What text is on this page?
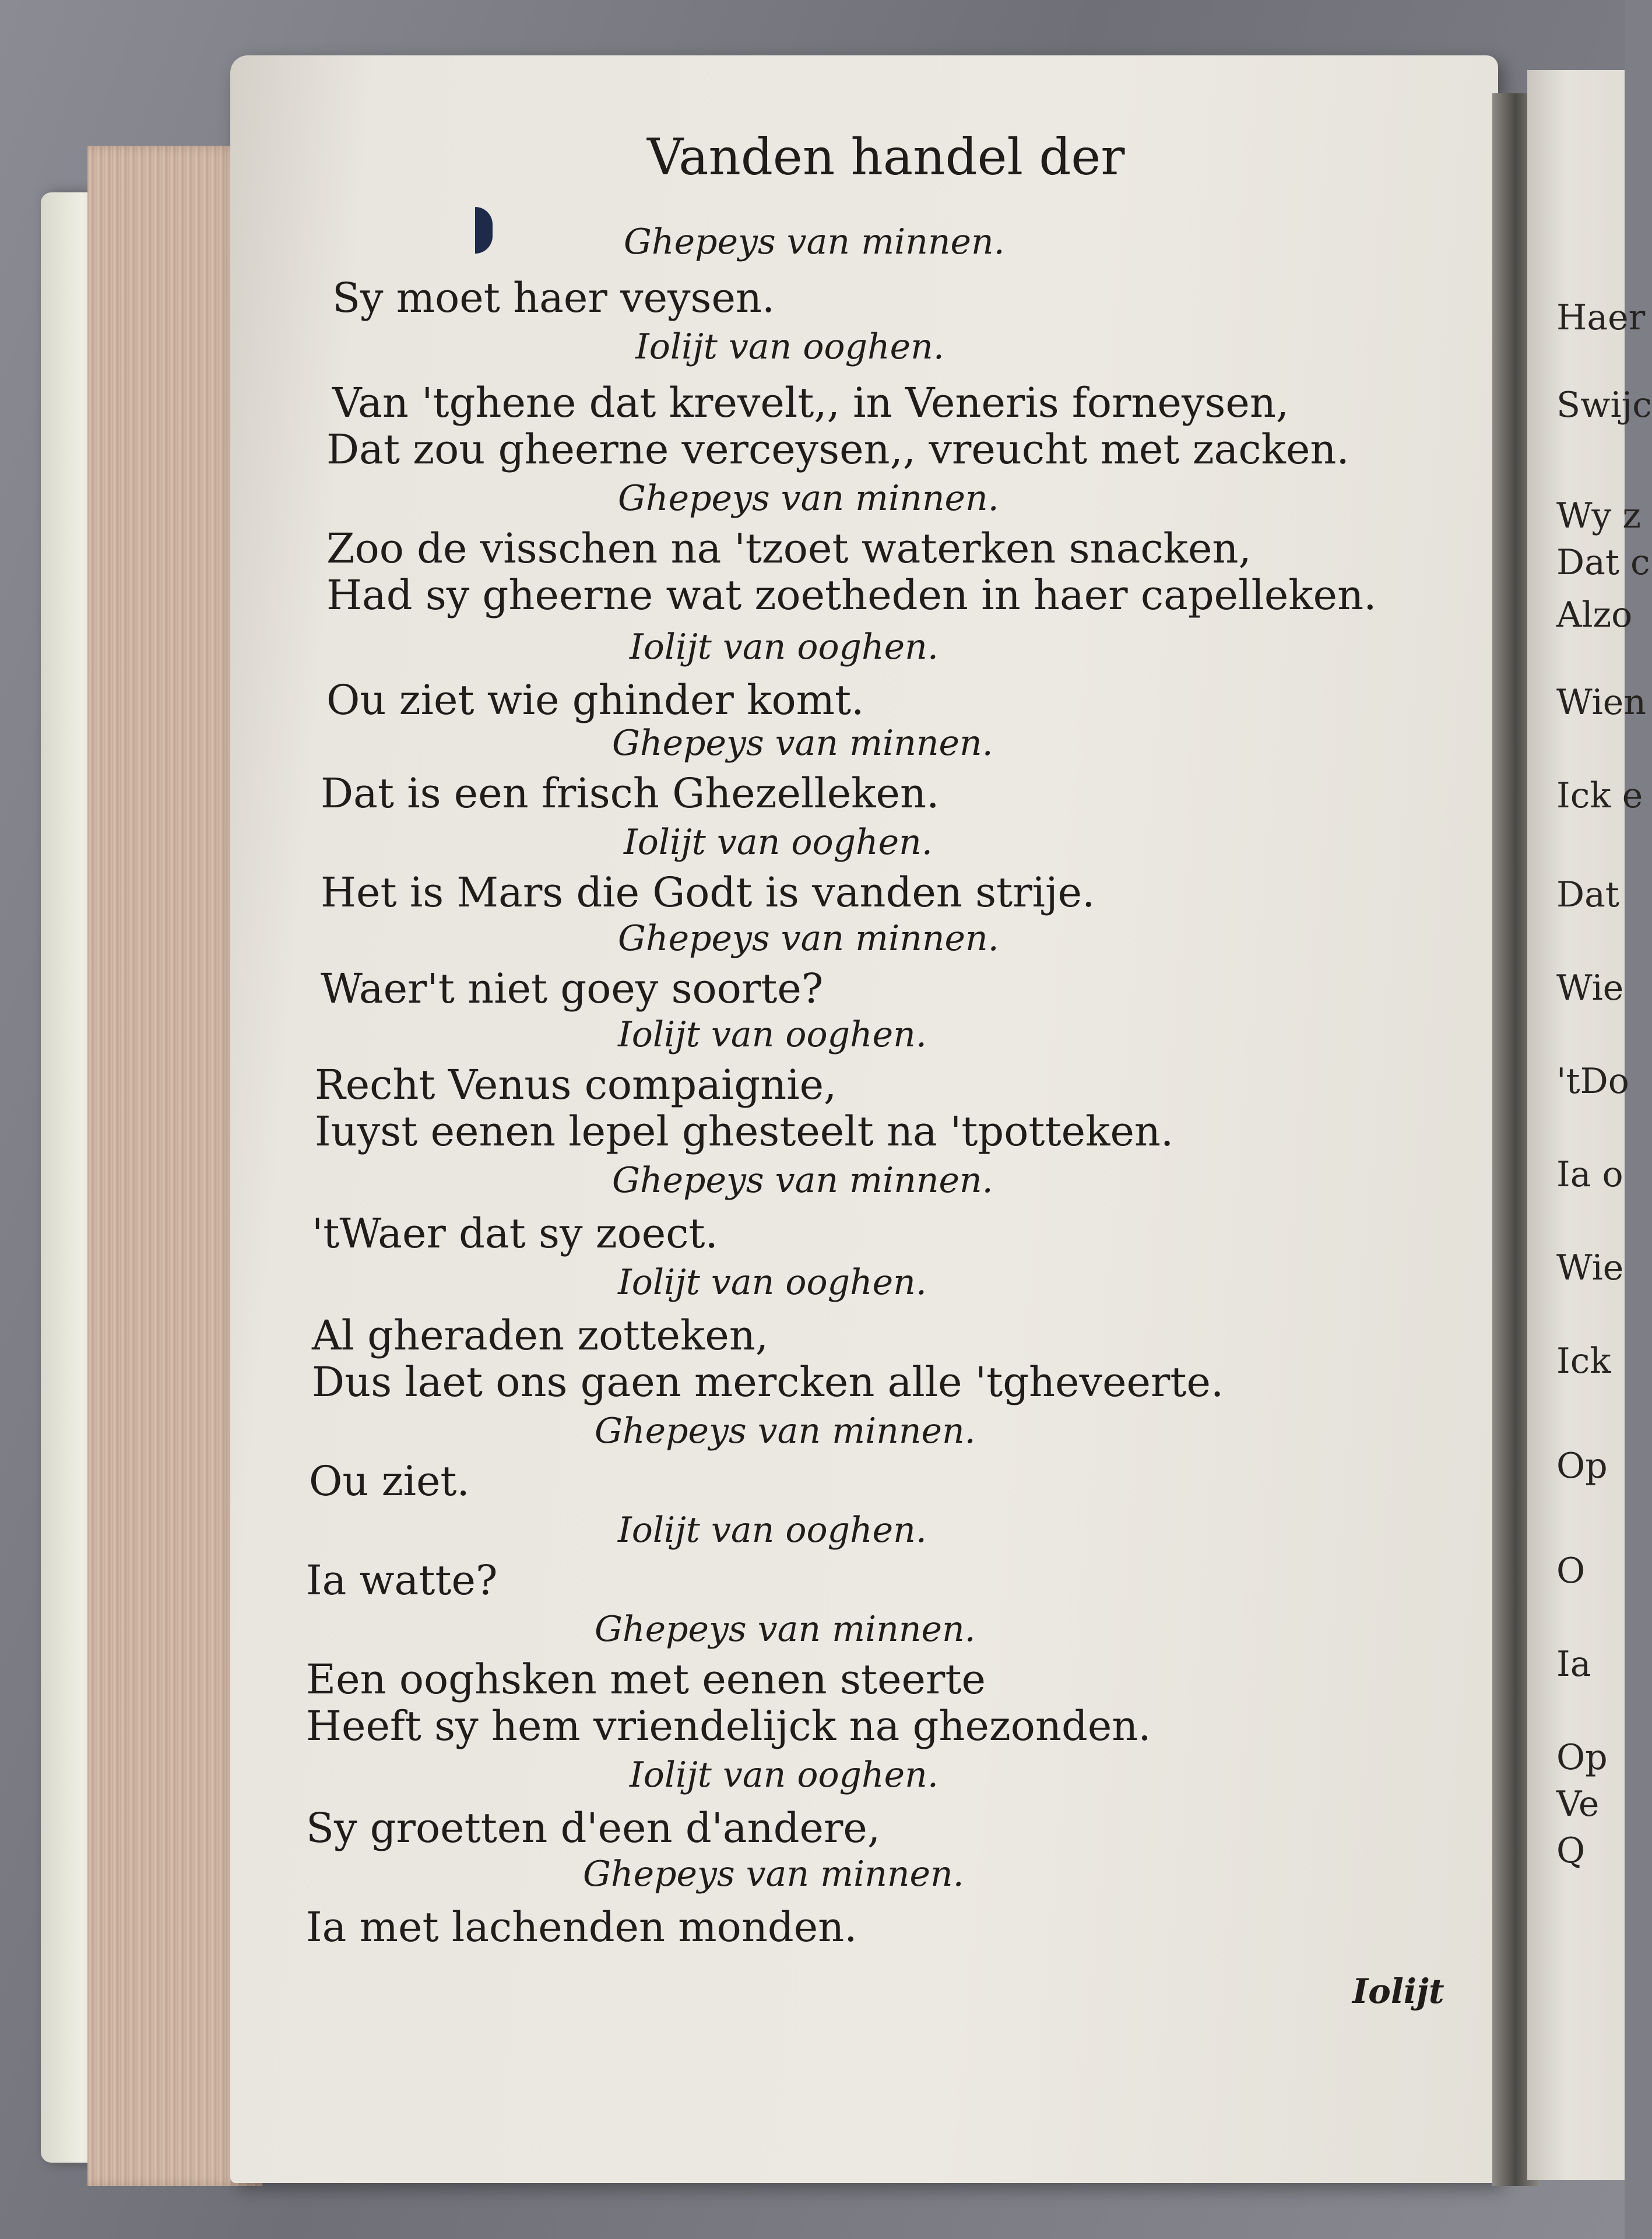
Haer
Swijc
Wy z
Dat c
Alzo
Wien
Ick e
Dat
Wie
'tDo
Ia o
Wie
Ick
Op
O
Ia
Op
Ve
Q
Vanden handel der
Ghepeys van minnen.
Sy moet haer veysen.
Iolijt van ooghen.
Van 'tghene dat krevelt,, in Veneris forneysen,
Dat zou gheerne verceysen,, vreucht met zacken.
Ghepeys van minnen.
Zoo de visschen na 'tzoet waterken snacken,
Had sy gheerne wat zoetheden in haer capelleken.
Iolijt van ooghen.
Ou ziet wie ghinder komt.
Ghepeys van minnen.
Dat is een frisch Ghezelleken.
Iolijt van ooghen.
Het is Mars die Godt is vanden strije.
Ghepeys van minnen.
Waer't niet goey soorte?
Iolijt van ooghen.
Recht Venus compaignie,
Iuyst eenen lepel ghesteelt na 'tpotteken.
Ghepeys van minnen.
'tWaer dat sy zoect.
Iolijt van ooghen.
Al gheraden zotteken,
Dus laet ons gaen mercken alle 'tgheveerte.
Ghepeys van minnen.
Ou ziet.
Iolijt van ooghen.
Ia watte?
Ghepeys van minnen.
Een ooghsken met eenen steerte
Heeft sy hem vriendelijck na ghezonden.
Iolijt van ooghen.
Sy groetten d'een d'andere,
Ghepeys van minnen.
Ia met lachenden monden.
Iolijt
